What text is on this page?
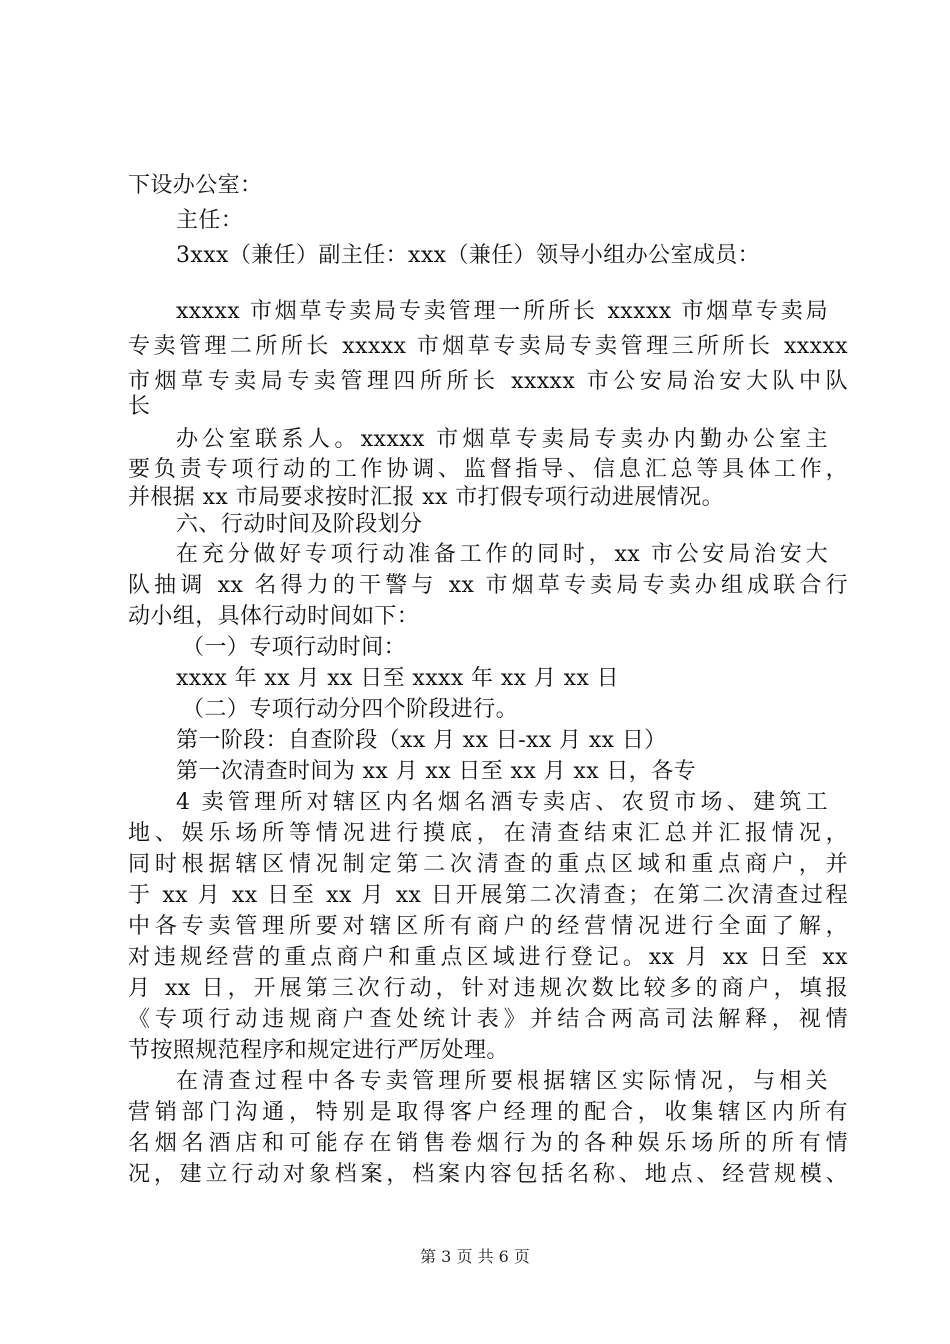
下设办公室：
主任：
3xxx（兼任）副主任：xxx（兼任）领导小组办公室成员：
xxxxx 市烟草专卖局专卖管理一所所长 xxxxx 市烟草专卖局
专卖管理二所所长 xxxxx 市烟草专卖局专卖管理三所所长 xxxxx
市烟草专卖局专卖管理四所所长 xxxxx 市公安局治安大队中队
长
办公室联系人。xxxxx 市烟草专卖局专卖办内勤办公室主
要负责专项行动的工作协调、监督指导、信息汇总等具体工作，
并根据 xx 市局要求按时汇报 xx 市打假专项行动进展情况。
六、行动时间及阶段划分
在充分做好专项行动准备工作的同时，xx 市公安局治安大
队抽调 xx 名得力的干警与 xx 市烟草专卖局专卖办组成联合行
动小组，具体行动时间如下：
（一）专项行动时间：
xxxx 年 xx 月 xx 日至 xxxx 年 xx 月 xx 日
（二）专项行动分四个阶段进行。
第一阶段：自查阶段（xx 月 xx 日-xx 月 xx 日）
第一次清查时间为 xx 月 xx 日至 xx 月 xx 日，各专
4 卖管理所对辖区内名烟名酒专卖店、农贸市场、建筑工
地、娱乐场所等情况进行摸底，在清查结束汇总并汇报情况，
同时根据辖区情况制定第二次清查的重点区域和重点商户，并
于 xx 月 xx 日至 xx 月 xx 日开展第二次清查；在第二次清查过程
中各专卖管理所要对辖区所有商户的经营情况进行全面了解，
对违规经营的重点商户和重点区域进行登记。xx 月 xx 日至 xx
月 xx 日，开展第三次行动，针对违规次数比较多的商户，填报
《专项行动违规商户查处统计表》并结合两高司法解释，视情
节按照规范程序和规定进行严厉处理。
在清查过程中各专卖管理所要根据辖区实际情况，与相关
营销部门沟通，特别是取得客户经理的配合，收集辖区内所有
名烟名酒店和可能存在销售卷烟行为的各种娱乐场所的所有情
况，建立行动对象档案，档案内容包括名称、地点、经营规模、
第 3 页 共 6 页
